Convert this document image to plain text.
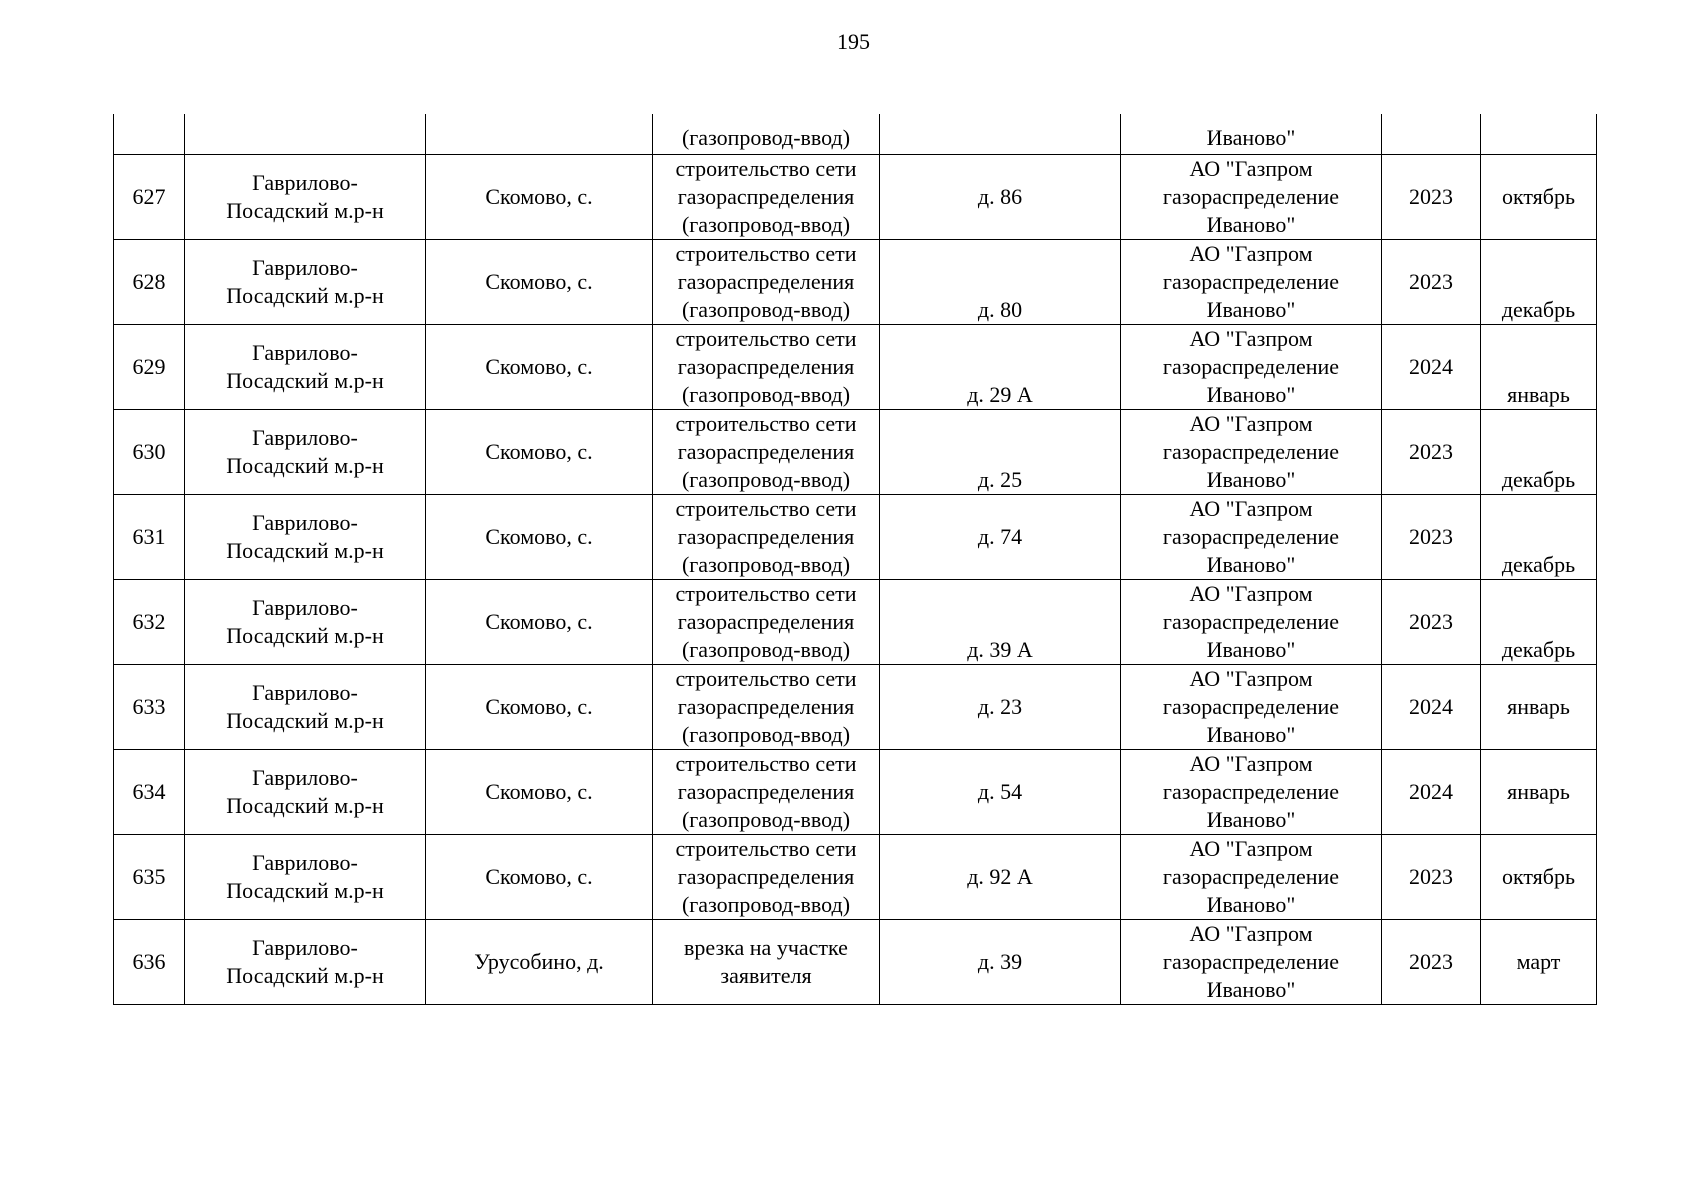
195

			(газопровод-ввод)		Иваново"		

627	Гаврилово-
Посадский м.р-н	Скомово, с.	строительство сети
газораспределения
(газопровод-ввод)	д. 86	АО "Газпром
газораспределение
Иваново"	2023	октябрь

628	Гаврилово-
Посадский м.р-н	Скомово, с.	строительство сети
газораспределения
(газопровод-ввод)	д. 80	АО "Газпром
газораспределение
Иваново"	2023	декабрь

629	Гаврилово-
Посадский м.р-н	Скомово, с.	строительство сети
газораспределения
(газопровод-ввод)	д. 29 А	АО "Газпром
газораспределение
Иваново"	2024	январь

630	Гаврилово-
Посадский м.р-н	Скомово, с.	строительство сети
газораспределения
(газопровод-ввод)	д. 25	АО "Газпром
газораспределение
Иваново"	2023	декабрь

631	Гаврилово-
Посадский м.р-н	Скомово, с.	строительство сети
газораспределения
(газопровод-ввод)	д. 74	АО "Газпром
газораспределение
Иваново"	2023	декабрь

632	Гаврилово-
Посадский м.р-н	Скомово, с.	строительство сети
газораспределения
(газопровод-ввод)	д. 39 А	АО "Газпром
газораспределение
Иваново"	2023	декабрь

633	Гаврилово-
Посадский м.р-н	Скомово, с.	строительство сети
газораспределения
(газопровод-ввод)	д. 23	АО "Газпром
газораспределение
Иваново"	2024	январь

634	Гаврилово-
Посадский м.р-н	Скомово, с.	строительство сети
газораспределения
(газопровод-ввод)	д. 54	АО "Газпром
газораспределение
Иваново"	2024	январь

635	Гаврилово-
Посадский м.р-н	Скомово, с.	строительство сети
газораспределения
(газопровод-ввод)	д. 92 А	АО "Газпром
газораспределение
Иваново"	2023	октябрь

636	Гаврилово-
Посадский м.р-н	Урусобино, д.	врезка на участке
заявителя	д. 39	АО "Газпром
газораспределение
Иваново"	2023	март
